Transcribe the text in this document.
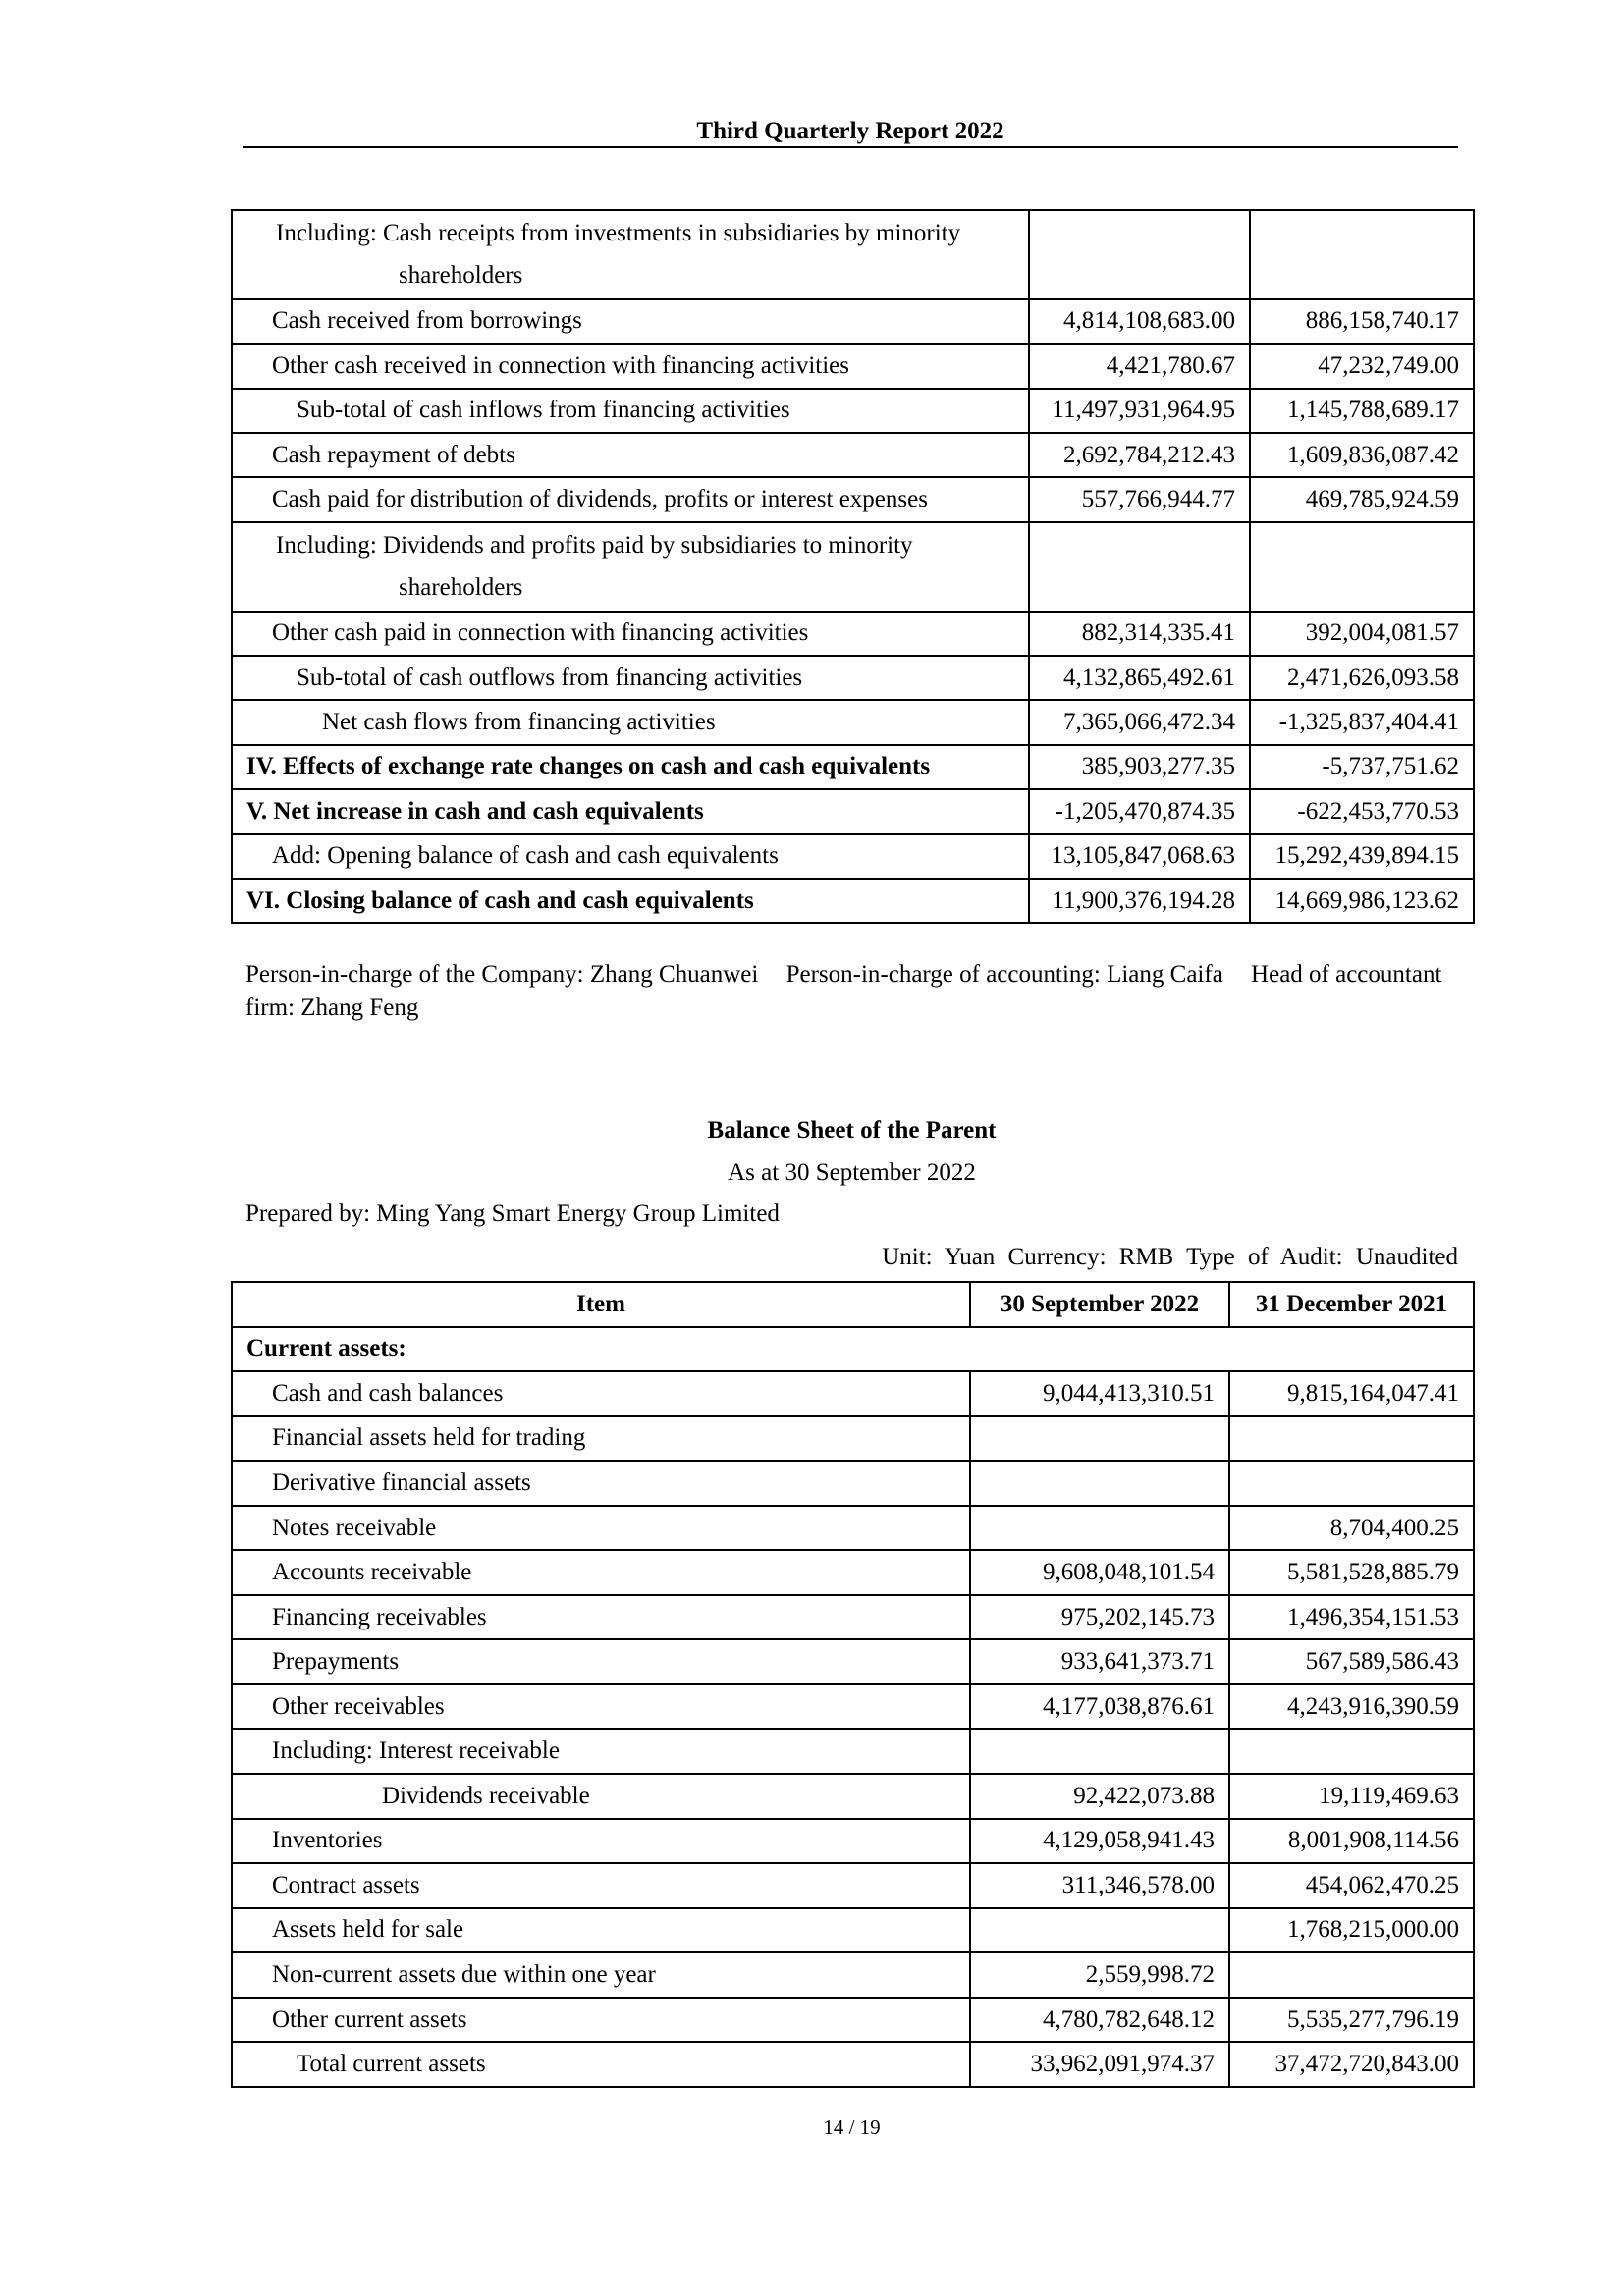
Third Quarterly Report 2022
Including: Cash receipts from investments in subsidiaries by minority
shareholders		

Cash received from borrowings	4,814,108,683.00	886,158,740.17
Other cash received in connection with financing activities	4,421,780.67	47,232,749.00
Sub-total of cash inflows from financing activities	11,497,931,964.95	1,145,788,689.17
Cash repayment of debts	2,692,784,212.43	1,609,836,087.42
Cash paid for distribution of dividends, profits or interest expenses	557,766,944.77	469,785,924.59

Including: Dividends and profits paid by subsidiaries to minority
shareholders		

Other cash paid in connection with financing activities	882,314,335.41	392,004,081.57
Sub-total of cash outflows from financing activities	4,132,865,492.61	2,471,626,093.58
Net cash flows from financing activities	7,365,066,472.34	-1,325,837,404.41
IV. Effects of exchange rate changes on cash and cash equivalents	385,903,277.35	-5,737,751.62
V. Net increase in cash and cash equivalents	-1,205,470,874.35	-622,453,770.53
Add: Opening balance of cash and cash equivalents	13,105,847,068.63	15,292,439,894.15
VI. Closing balance of cash and cash equivalents	11,900,376,194.28	14,669,986,123.62
Person-in-charge of the Company: Zhang Chuanwei Person-in-charge of accounting: Liang Caifa Head of accountant firm: Zhang Feng
Balance Sheet of the Parent
As at 30 September 2022
Prepared by: Ming Yang Smart Energy Group Limited
Unit: Yuan Currency: RMB Type of Audit: Unaudited
Item	30 September 2022	31 December 2021
Current assets:		
Cash and cash balances	9,044,413,310.51	9,815,164,047.41
Financial assets held for trading		
Derivative financial assets		
Notes receivable		8,704,400.25
Accounts receivable	9,608,048,101.54	5,581,528,885.79
Financing receivables	975,202,145.73	1,496,354,151.53
Prepayments	933,641,373.71	567,589,586.43
Other receivables	4,177,038,876.61	4,243,916,390.59
Including: Interest receivable		
Dividends receivable	92,422,073.88	19,119,469.63
Inventories	4,129,058,941.43	8,001,908,114.56
Contract assets	311,346,578.00	454,062,470.25
Assets held for sale		1,768,215,000.00
Non-current assets due within one year	2,559,998.72	
Other current assets	4,780,782,648.12	5,535,277,796.19
Total current assets	33,962,091,974.37	37,472,720,843.00
14 / 19
